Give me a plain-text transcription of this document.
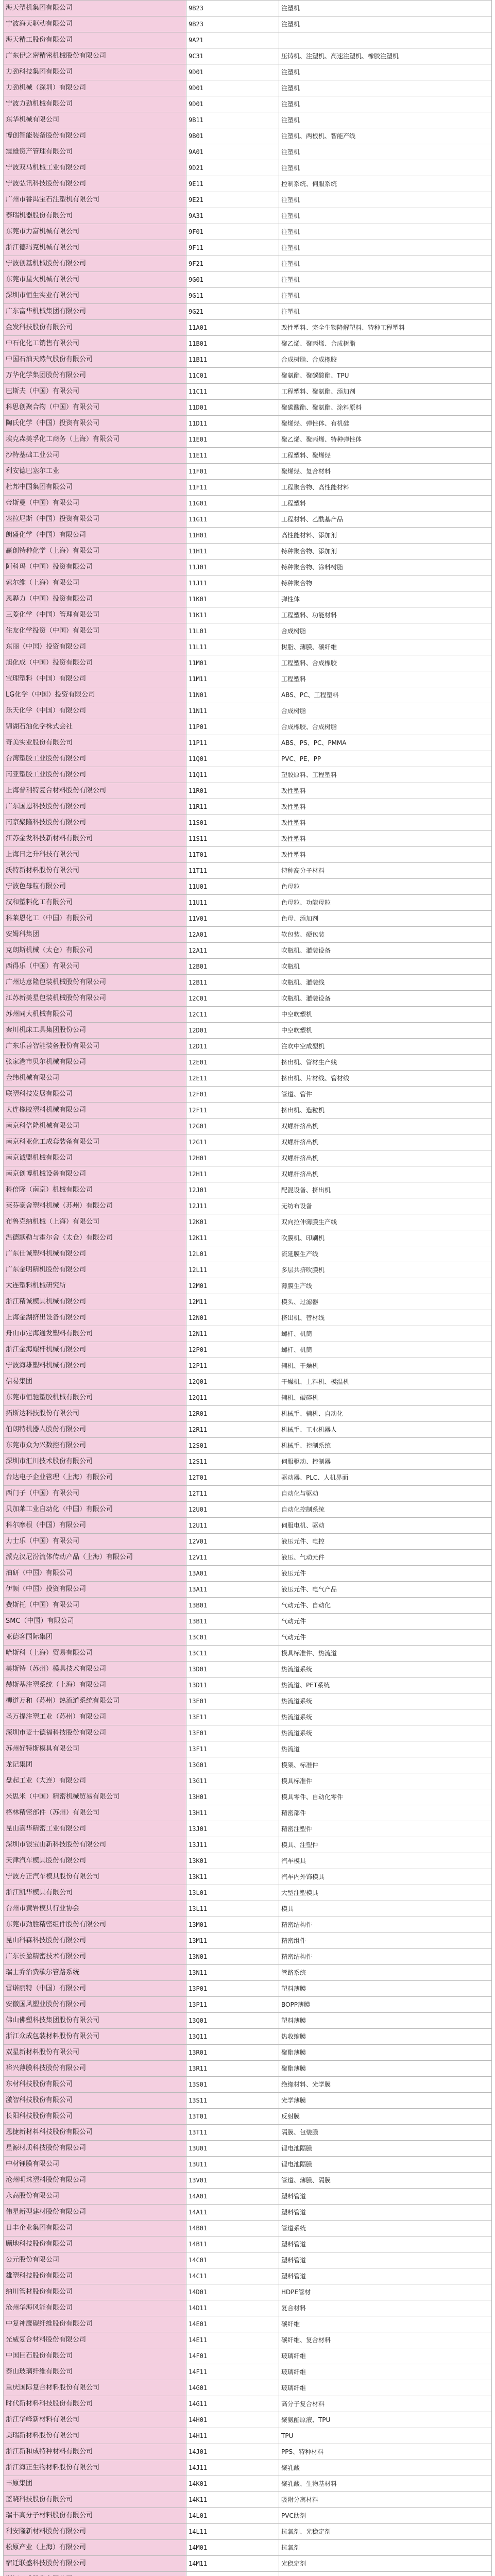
海天塑机集团有限公司	9B23	注塑机
宁波海天驱动有限公司	9B23	注塑机
海天精工股份有限公司	9A21	
广东伊之密精密机械股份有限公司	9C31	压铸机、注塑机、高速注塑机、橡胶注塑机
力劲科技集团有限公司	9D01	注塑机
力劲机械（深圳）有限公司	9D01	注塑机
宁波力劲机械有限公司	9D01	注塑机
东华机械有限公司	9B11	注塑机
博创智能装备股份有限公司	9B01	注塑机、两板机、智能产线
震雄资产管理有限公司	9A01	注塑机
宁波双马机械工业有限公司	9D21	注塑机
宁波弘讯科技股份有限公司	9E11	控制系统、伺服系统
广州市番禺宝石注塑机有限公司	9E21	注塑机
泰瑞机器股份有限公司	9A31	注塑机
东莞市力富机械有限公司	9F01	注塑机
浙江德玛克机械有限公司	9F11	注塑机
宁波创基机械股份有限公司	9F21	注塑机
东莞市星火机械有限公司	9G01	注塑机
深圳市恒生实业有限公司	9G11	注塑机
广东富华机械集团有限公司	9G21	注塑机
金发科技股份有限公司	11A01	改性塑料、完全生物降解塑料、特种工程塑料
中石化化工销售有限公司	11B01	聚乙烯、聚丙烯、合成树脂
中国石油天然气股份有限公司	11B11	合成树脂、合成橡胶
万华化学集团股份有限公司	11C01	聚氨酯、聚碳酸酯、TPU
巴斯夫（中国）有限公司	11C11	工程塑料、聚氨酯、添加剂
科思创聚合物（中国）有限公司	11D01	聚碳酸酯、聚氨酯、涂料原料
陶氏化学（中国）投资有限公司	11D11	聚烯烃、弹性体、有机硅
埃克森美孚化工商务（上海）有限公司	11E01	聚乙烯、聚丙烯、特种弹性体
沙特基础工业公司	11E11	工程塑料、聚烯烃
利安德巴塞尔工业	11F01	聚烯烃、复合材料
杜邦中国集团有限公司	11F11	工程聚合物、高性能材料
帝斯曼（中国）有限公司	11G01	工程塑料
塞拉尼斯（中国）投资有限公司	11G11	工程材料、乙酰基产品
朗盛化学（中国）有限公司	11H01	高性能材料、添加剂
赢创特种化学（上海）有限公司	11H11	特种聚合物、添加剂
阿科玛（中国）投资有限公司	11J01	特种聚合物、涂料树脂
索尔维（上海）有限公司	11J11	特种聚合物
恩骅力（中国）投资有限公司	11K01	弹性体
三菱化学（中国）管理有限公司	11K11	工程塑料、功能材料
住友化学投资（中国）有限公司	11L01	合成树脂
东丽（中国）投资有限公司	11L11	树脂、薄膜、碳纤维
旭化成（中国）投资有限公司	11M01	工程塑料、合成橡胶
宝理塑料（中国）有限公司	11M11	工程塑料
LG化学（中国）投资有限公司	11N01	ABS、PC、工程塑料
乐天化学（中国）有限公司	11N11	合成树脂
锦湖石油化学株式会社	11P01	合成橡胶、合成树脂
奇美实业股份有限公司	11P11	ABS、PS、PC、PMMA
台湾塑胶工业股份有限公司	11Q01	PVC、PE、PP
南亚塑胶工业股份有限公司	11Q11	塑胶原料、工程塑料
上海普利特复合材料股份有限公司	11R01	改性塑料
广东国恩科技股份有限公司	11R11	改性塑料
南京聚隆科技股份有限公司	11S01	改性塑料
江苏金发科技新材料有限公司	11S11	改性塑料
上海日之升科技有限公司	11T01	改性塑料
沃特新材料股份有限公司	11T11	特种高分子材料
宁波色母粒有限公司	11U01	色母粒
汉和塑料化工有限公司	11U11	色母粒、功能母粒
科莱恩化工（中国）有限公司	11V01	色母、添加剂
安姆科集团	12A01	软包装、硬包装
克朗斯机械（太仓）有限公司	12A11	吹瓶机、灌装设备
西得乐（中国）有限公司	12B01	吹瓶机
广州达意隆包装机械股份有限公司	12B11	吹瓶机、灌装线
江苏新美星包装机械股份有限公司	12C01	吹瓶机、灌装设备
苏州同大机械有限公司	12C11	中空吹塑机
秦川机床工具集团股份公司	12D01	中空吹塑机
广东乐善智能装备股份有限公司	12D11	注吹中空成型机
张家港市贝尔机械有限公司	12E01	挤出机、管材生产线
金纬机械有限公司	12E11	挤出机、片材线、管材线
联塑科技发展有限公司	12F01	管道、管件
大连橡胶塑料机械有限公司	12F11	挤出机、造粒机
南京科倍隆机械有限公司	12G01	双螺杆挤出机
南京科亚化工成套装备有限公司	12G11	双螺杆挤出机
南京诚盟机械有限公司	12H01	双螺杆挤出机
南京创博机械设备有限公司	12H11	双螺杆挤出机
科倍隆（南京）机械有限公司	12J01	配混设备、挤出机
莱芬豪舍塑料机械（苏州）有限公司	12J11	无纺布设备
布鲁克纳机械（上海）有限公司	12K01	双向拉伸薄膜生产线
温德默勒与霍尔舍（太仓）有限公司	12K11	吹膜机、印刷机
广东仕诚塑料机械有限公司	12L01	流延膜生产线
广东金明精机股份有限公司	12L11	多层共挤吹膜机
大连塑料机械研究所	12M01	薄膜生产线
浙江精诚模具机械有限公司	12M11	模头、过滤器
上海金湖挤出设备有限公司	12N01	挤出机、管材线
舟山市定海通发塑料有限公司	12N11	螺杆、机筒
浙江金海螺杆机械有限公司	12P01	螺杆、机筒
宁波海雄塑料机械有限公司	12P11	辅机、干燥机
信易集团	12Q01	干燥机、上料机、模温机
东莞市恒驰塑胶机械有限公司	12Q11	辅机、破碎机
拓斯达科技股份有限公司	12R01	机械手、辅机、自动化
伯朗特机器人股份有限公司	12R11	机械手、工业机器人
东莞市众为兴数控有限公司	12S01	机械手、控制系统
深圳市汇川技术股份有限公司	12S11	伺服驱动、控制器
台达电子企业管理（上海）有限公司	12T01	驱动器、PLC、人机界面
西门子（中国）有限公司	12T11	自动化与驱动
贝加莱工业自动化（中国）有限公司	12U01	自动化控制系统
科尔摩根（中国）有限公司	12U11	伺服电机、驱动
力士乐（中国）有限公司	12V01	液压元件、电控
派克汉尼汾流体传动产品（上海）有限公司	12V11	液压、气动元件
油研（中国）有限公司	13A01	液压元件
伊顿（中国）投资有限公司	13A11	液压元件、电气产品
费斯托（中国）有限公司	13B01	气动元件、自动化
SMC（中国）有限公司	13B11	气动元件
亚德客国际集团	13C01	气动元件
哈斯科（上海）贸易有限公司	13C11	模具标准件、热流道
美斯特（苏州）模具技术有限公司	13D01	热流道系统
赫斯基注塑系统（上海）有限公司	13D11	热流道、PET系统
柳道万和（苏州）热流道系统有限公司	13E01	热流道系统
圣万提注塑工业（苏州）有限公司	13E11	热流道系统
深圳市麦士德福科技股份有限公司	13F01	热流道系统
苏州好特斯模具有限公司	13F11	热流道
龙记集团	13G01	模架、标准件
盘起工业（大连）有限公司	13G11	模具标准件
米思米（中国）精密机械贸易有限公司	13H01	模具零件、自动化零件
格林精密部件（苏州）有限公司	13H11	精密部件
昆山嘉华精密工业有限公司	13J01	精密注塑件
深圳市银宝山新科技股份有限公司	13J11	模具、注塑件
天津汽车模具股份有限公司	13K01	汽车模具
宁波方正汽车模具股份有限公司	13K11	汽车内外饰模具
浙江凯华模具有限公司	13L01	大型注塑模具
台州市黄岩模具行业协会	13L11	模具
东莞市劲胜精密组件股份有限公司	13M01	精密结构件
昆山科森科技股份有限公司	13M11	精密组件
广东长盈精密技术有限公司	13N01	精密结构件
瑞士乔治费歇尔管路系统	13N11	管路系统
雷诺丽特（中国）有限公司	13P01	塑料薄膜
安徽国风塑业股份有限公司	13P11	BOPP薄膜
佛山佛塑科技集团股份有限公司	13Q01	塑料薄膜
浙江众成包装材料股份有限公司	13Q11	热收缩膜
双星新材料股份有限公司	13R01	聚酯薄膜
裕兴薄膜科技股份有限公司	13R11	聚酯薄膜
东材科技股份有限公司	13S01	绝缘材料、光学膜
激智科技股份有限公司	13S11	光学薄膜
长阳科技股份有限公司	13T01	反射膜
恩捷新材料科技股份有限公司	13T11	隔膜、包装膜
星源材质科技股份有限公司	13U01	锂电池隔膜
中材锂膜有限公司	13U11	锂电池隔膜
沧州明珠塑料股份有限公司	13V01	管道、薄膜、隔膜
永高股份有限公司	14A01	塑料管道
伟星新型建材股份有限公司	14A11	塑料管道
日丰企业集团有限公司	14B01	管道系统
顾地科技股份有限公司	14B11	塑料管道
公元股份有限公司	14C01	塑料管道
雄塑科技股份有限公司	14C11	塑料管道
纳川管材股份有限公司	14D01	HDPE管材
沧州华海风能有限公司	14D11	复合材料
中复神鹰碳纤维股份有限公司	14E01	碳纤维
光威复合材料股份有限公司	14E11	碳纤维、复合材料
中国巨石股份有限公司	14F01	玻璃纤维
泰山玻璃纤维有限公司	14F11	玻璃纤维
重庆国际复合材料股份有限公司	14G01	玻璃纤维
时代新材料科技股份有限公司	14G11	高分子复合材料
浙江华峰新材料有限公司	14H01	聚氨酯原液、TPU
美瑞新材料股份有限公司	14H11	TPU
浙江新和成特种材料有限公司	14J01	PPS、特种材料
浙江海正生物材料股份有限公司	14J11	聚乳酸
丰原集团	14K01	聚乳酸、生物基材料
蓝晓科技股份有限公司	14K11	吸附分离材料
瑞丰高分子材料股份有限公司	14L01	PVC助剂
利安隆新材料股份有限公司	14L11	抗氧剂、光稳定剂
松原产业（上海）有限公司	14M01	抗氧剂
宿迁联盛科技股份有限公司	14M11	光稳定剂
